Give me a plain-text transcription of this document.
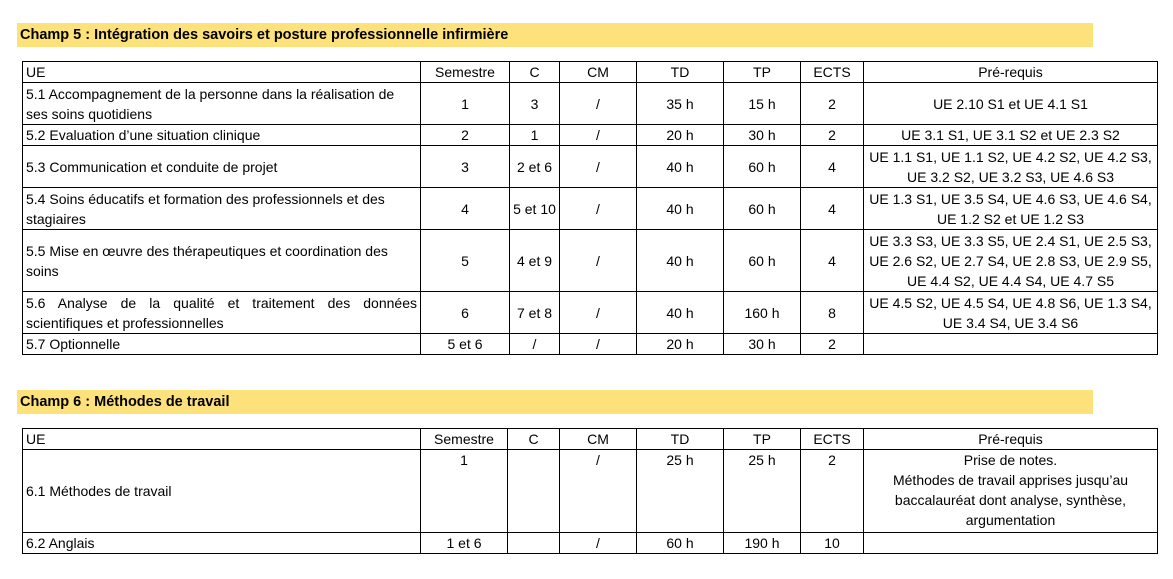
Champ 5 : Intégration des savoirs et posture professionnelle infirmière
UE	Semestre	C	CM	TD	TP	ECTS	Pré-requis
5.1 Accompagnement de la personne dans la réalisation de ses soins quotidiens	1	3	/	35 h	15 h	2	UE 2.10 S1 et UE 4.1 S1
5.2 Evaluation d’une situation clinique	2	1	/	20 h	30 h	2	UE 3.1 S1, UE 3.1 S2 et UE 2.3 S2
5.3 Communication et conduite de projet	3	2 et 6	/	40 h	60 h	4	UE 1.1 S1, UE 1.1 S2, UE 4.2 S2, UE 4.2 S3, UE 3.2 S2, UE 3.2 S3, UE 4.6 S3
5.4 Soins éducatifs et formation des professionnels et des stagiaires	4	5 et 10	/	40 h	60 h	4	UE 1.3 S1, UE 3.5 S4, UE 4.6 S3, UE 4.6 S4, UE 1.2 S2 et UE 1.2 S3
5.5 Mise en œuvre des thérapeutiques et coordination des soins	5	4 et 9	/	40 h	60 h	4	UE 3.3 S3, UE 3.3 S5, UE 2.4 S1, UE 2.5 S3, UE 2.6 S2, UE 2.7 S4, UE 2.8 S3, UE 2.9 S5, UE 4.4 S2, UE 4.4 S4, UE 4.7 S5
5.6 Analyse de la qualité et traitement des données scientifiques et professionnelles	6	7 et 8	/	40 h	160 h	8	UE 4.5 S2, UE 4.5 S4, UE 4.8 S6, UE 1.3 S4, UE 3.4 S4, UE 3.4 S6
5.7 Optionnelle	5 et 6	/	/	20 h	30 h	2	
Champ 6 : Méthodes de travail
UE	Semestre	C	CM	TD	TP	ECTS	Pré-requis
6.1 Méthodes de travail	1		/	25 h	25 h	2	Prise de notes.
Méthodes de travail apprises jusqu’au baccalauréat dont analyse, synthèse, argumentation
6.2 Anglais	1 et 6		/	60 h	190 h	10	
